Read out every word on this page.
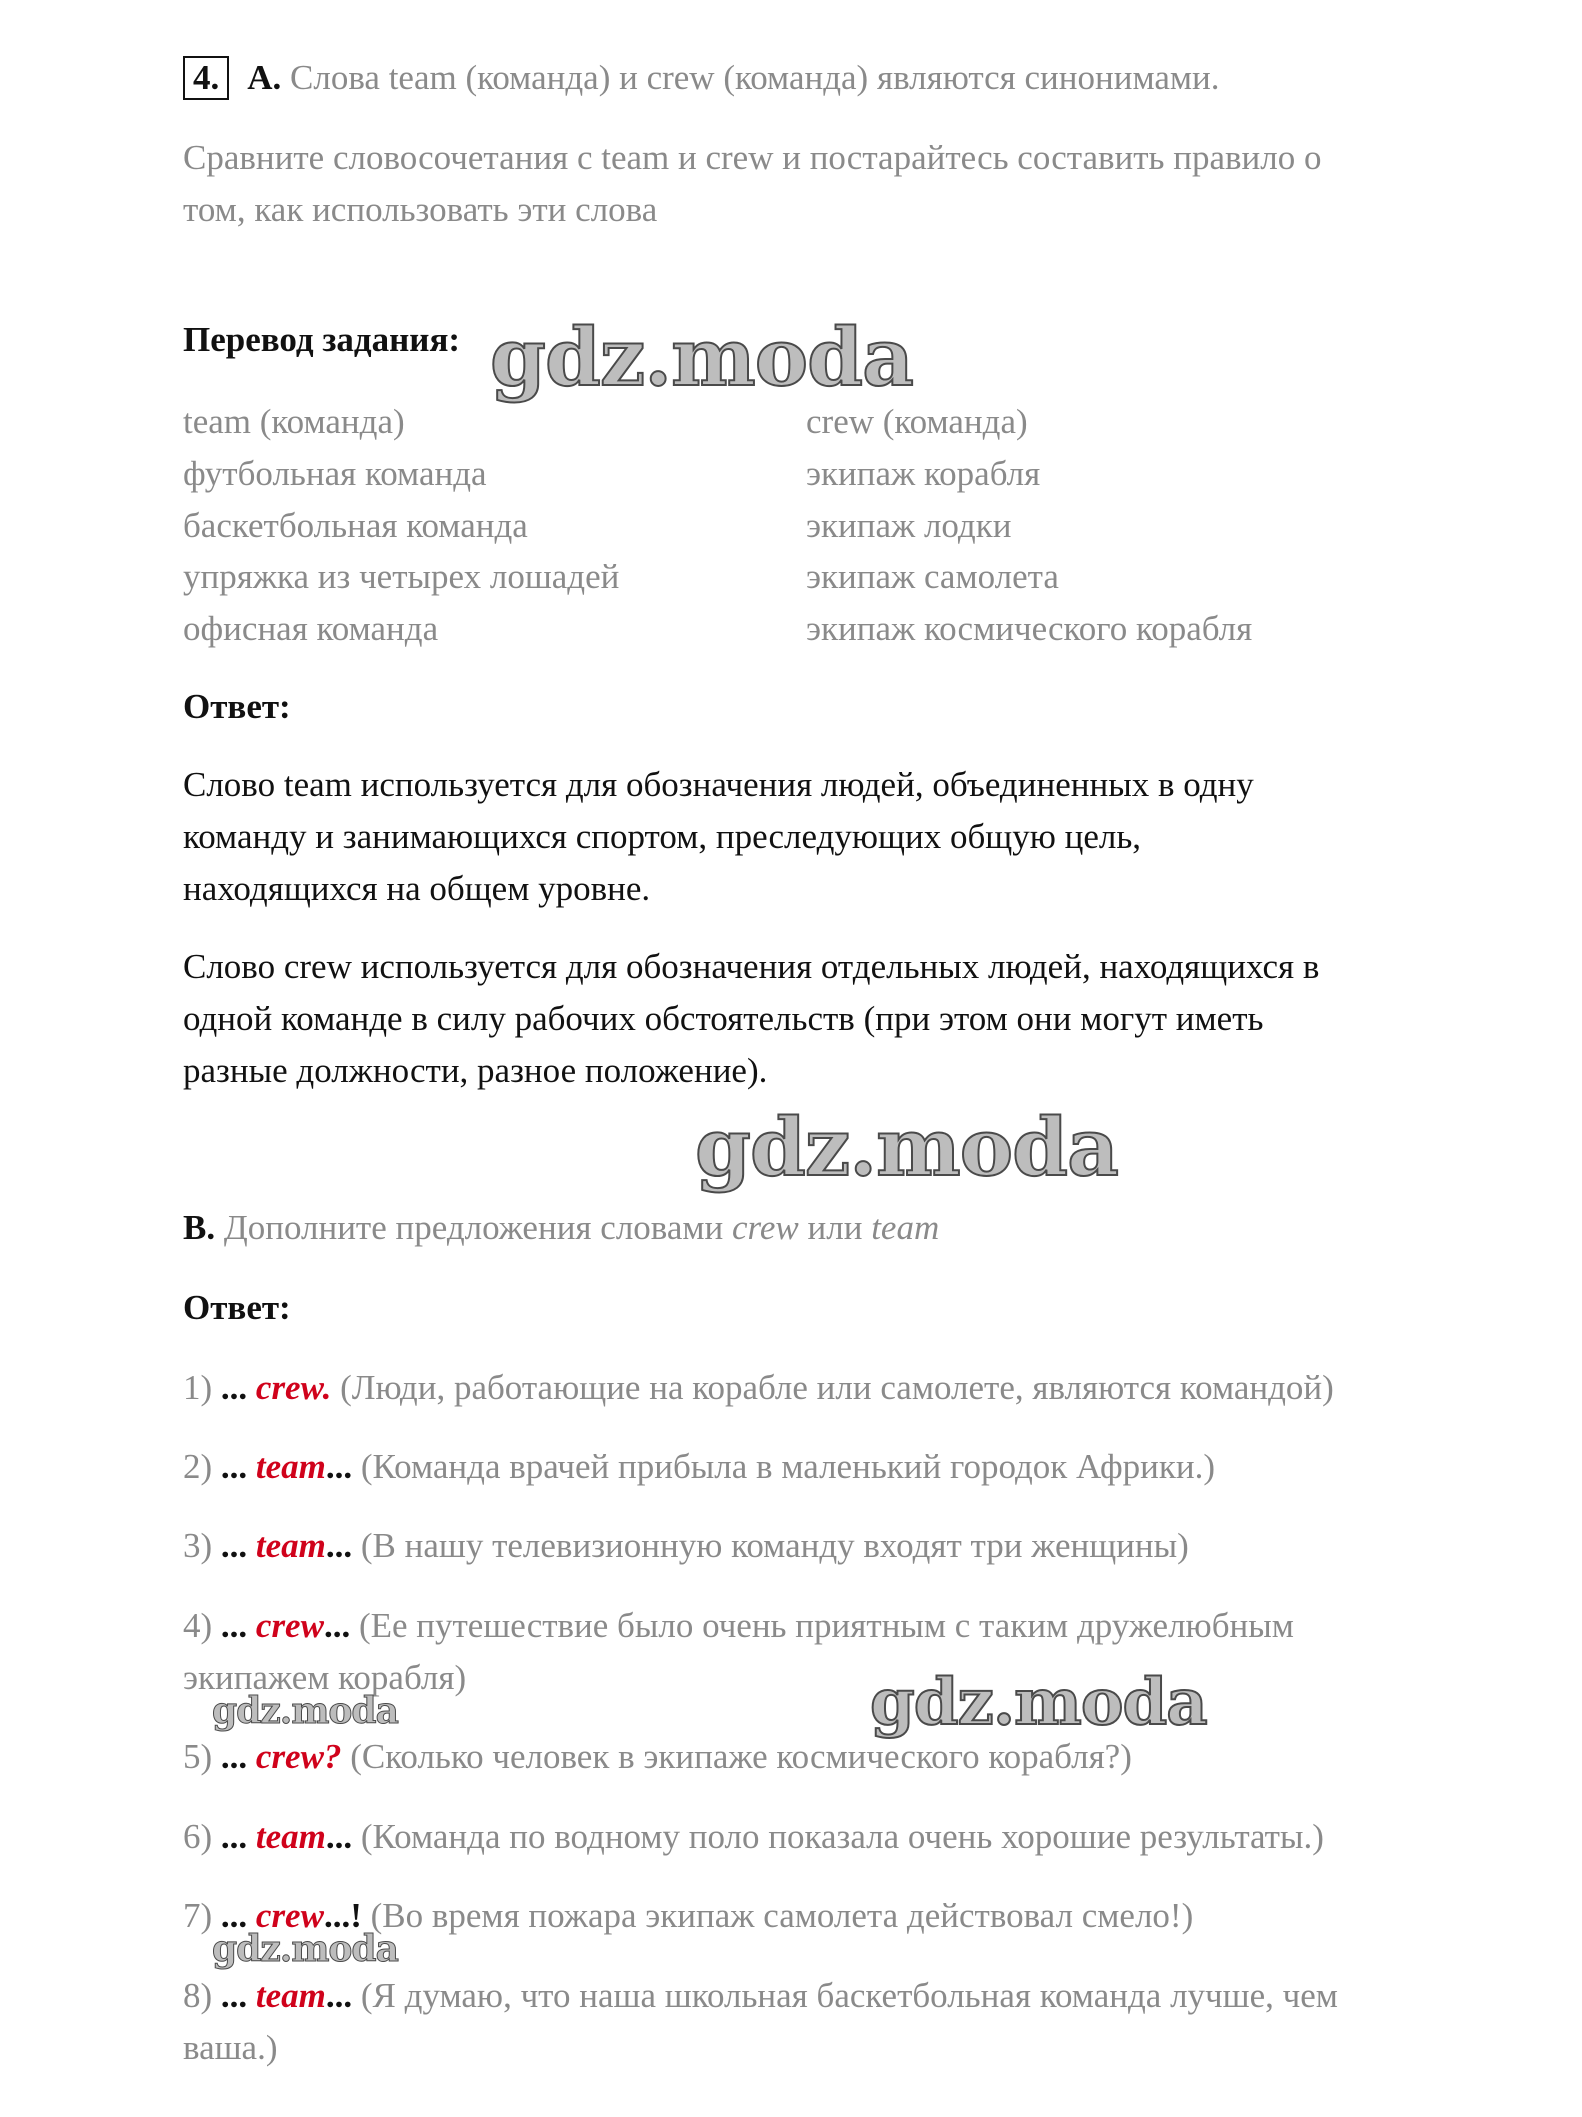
4. A. Слова team (команда) и crew (команда) являются синонимами.
Сравните словосочетания с team и crew и постарайтесь составить правило о
том, как использовать эти слова
Перевод задания:
team (команда)
футбольная команда
баскетбольная команда
упряжка из четырех лошадей
офисная команда
crew (команда)
экипаж корабля
экипаж лодки
экипаж самолета
экипаж космического корабля
Ответ:
Слово team используется для обозначения людей, объединенных в одну
команду и занимающихся спортом, преследующих общую цель,
находящихся на общем уровне.
Слово crew используется для обозначения отдельных людей, находящихся в
одной команде в силу рабочих обстоятельств (при этом они могут иметь
разные должности, разное положение).
B. Дополните предложения словами crew или team
Ответ:
1) ... crew. (Люди, работающие на корабле или самолете, являются командой)
2) ... team... (Команда врачей прибыла в маленький городок Африки.)
3) ... team... (В нашу телевизионную команду входят три женщины)
4) ... crew... (Ее путешествие было очень приятным с таким дружелюбным
экипажем корабля)
5) ... crew? (Сколько человек в экипаже космического корабля?)
6) ... team... (Команда по водному поло показала очень хорошие результаты.)
7) ... crew...! (Во время пожара экипаж самолета действовал смело!)
8) ... team... (Я думаю, что наша школьная баскетбольная команда лучше, чем
ваша.)
gdz.moda
gdz.moda
gdz.moda
gdz.moda
gdz.moda
